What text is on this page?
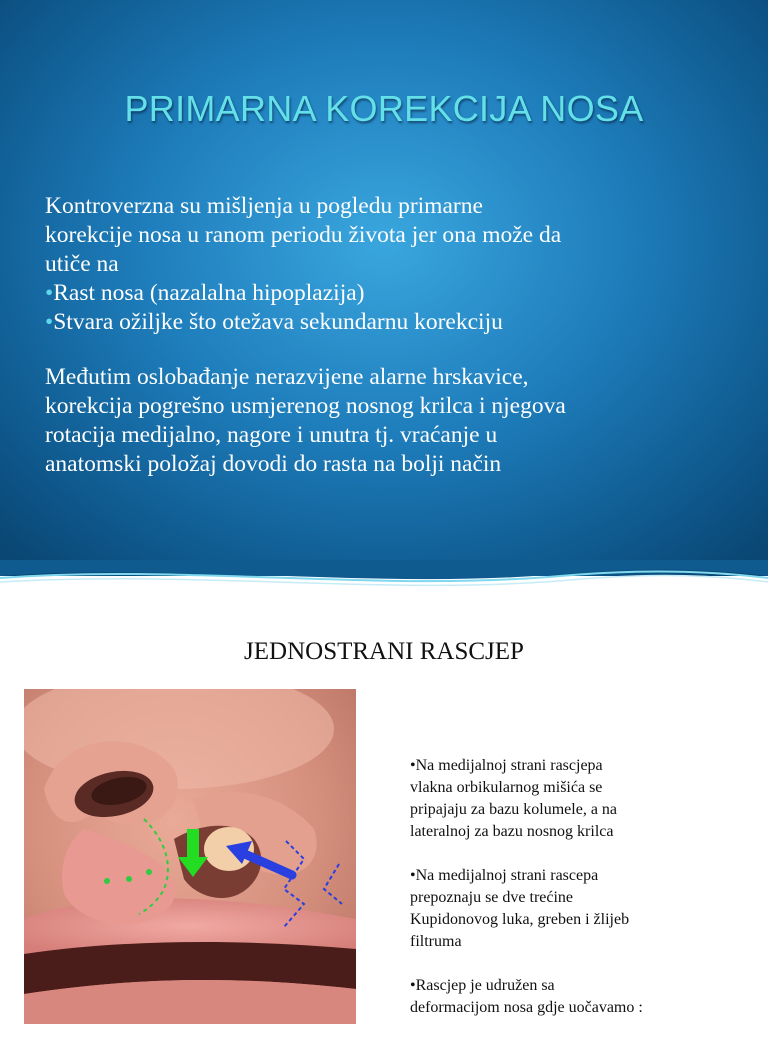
PRIMARNA KOREKCIJA NOSA

Kontroverzna su mišljenja u pogledu primarne

korekcije nosa u ranom periodu života jer ona može da

utiče na

•Rast nosa (nazalalna hipoplazija)

•Stvara ožiljke što otežava sekundarnu korekciju

Međutim oslobađanje nerazvijene alarne hrskavice,

korekcija pogrešno usmjerenog nosnog krilca i njegova

rotacija medijalno, nagore i unutra tj. vraćanje u

anatomski položaj dovodi do rasta na bolji način

JEDNOSTRANI RASCJEP

•Na medijalnoj strani rascjepa
vlakna orbikularnog mišića se
pripajaju za bazu kolumele, a na
lateralnoj za bazu nosnog krilca

•Na medijalnoj strani rascepa
prepoznaju se dve trećine
Kupidonovog luka, greben i žlijeb
filtruma

•Rascjep je udružen sa
deformacijom nosa gdje uočavamo :
